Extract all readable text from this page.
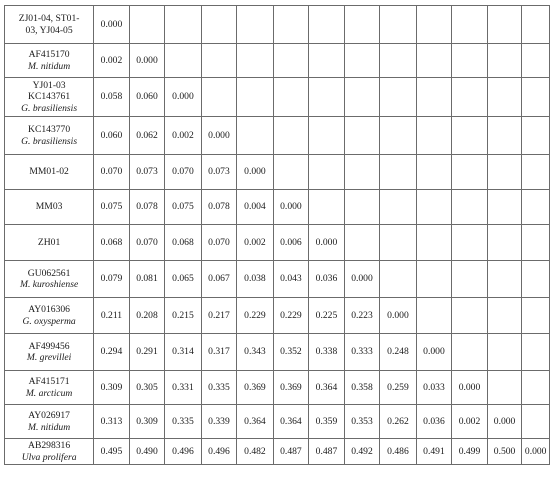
ZJ01-04, ST01-
03, YJ04-05	0.000												

AF415170
M. nitidum	0.002	0.000											

YJ01-03
KC143761
G. brasiliensis	0.058	0.060	0.000										

KC143770
G. brasiliensis	0.060	0.062	0.002	0.000									

MM01-02	0.070	0.073	0.070	0.073	0.000								

MM03	0.075	0.078	0.075	0.078	0.004	0.000							

ZH01	0.068	0.070	0.068	0.070	0.002	0.006	0.000						

GU062561
M. kuroshiense	0.079	0.081	0.065	0.067	0.038	0.043	0.036	0.000					

AY016306
G. oxysperma	0.211	0.208	0.215	0.217	0.229	0.229	0.225	0.223	0.000				

AF499456
M. grevillei	0.294	0.291	0.314	0.317	0.343	0.352	0.338	0.333	0.248	0.000			

AF415171
M. arcticum	0.309	0.305	0.331	0.335	0.369	0.369	0.364	0.358	0.259	0.033	0.000		

AY026917
M. nitidum	0.313	0.309	0.335	0.339	0.364	0.364	0.359	0.353	0.262	0.036	0.002	0.000	

AB298316
Ulva prolifera	0.495	0.490	0.496	0.496	0.482	0.487	0.487	0.492	0.486	0.491	0.499	0.500	0.000
